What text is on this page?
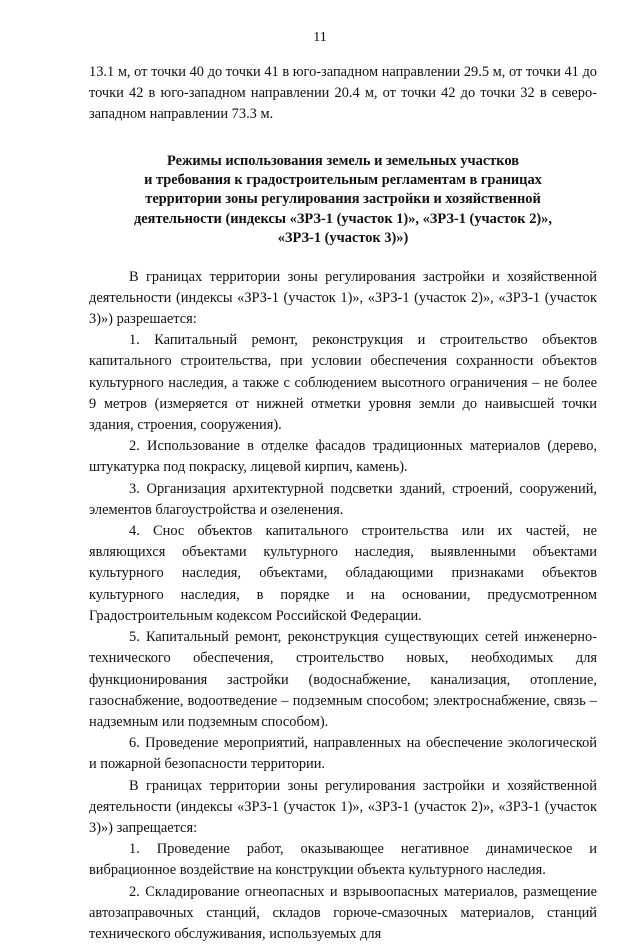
11

13.1 м, от точки 40 до точки 41 в юго-западном направлении 29.5 м, от точки 41 до точки 42 в юго-западном направлении 20.4 м, от точки 42 до точки 32 в северо-западном направлении 73.3 м.

Режимы использования земель и земельных участков
и требования к градостроительным регламентам в границах
территории зоны регулирования застройки и хозяйственной
деятельности (индексы «ЗРЗ-1 (участок 1)», «ЗРЗ-1 (участок 2)»,
«ЗРЗ-1 (участок 3)»)

В границах территории зоны регулирования застройки и хозяйственной деятельности (индексы «ЗРЗ-1 (участок 1)», «ЗРЗ-1 (участок 2)», «ЗРЗ-1 (участок 3)») разрешается:

1. Капитальный ремонт, реконструкция и строительство объектов капитального строительства, при условии обеспечения сохранности объектов культурного наследия, а также с соблюдением высотного ограничения – не более 9 метров (измеряется от нижней отметки уровня земли до наивысшей точки здания, строения, сооружения).

2. Использование в отделке фасадов традиционных материалов (дерево, штукатурка под покраску, лицевой кирпич, камень).

3. Организация архитектурной подсветки зданий, строений, сооружений, элементов благоустройства и озеленения.

4. Снос объектов капитального строительства или их частей, не являющихся объектами культурного наследия, выявленными объектами культурного наследия, объектами, обладающими признаками объектов культурного наследия, в порядке и на основании, предусмотренном Градостроительным кодексом Российской Федерации.

5. Капитальный ремонт, реконструкция существующих сетей инженерно-технического обеспечения, строительство новых, необходимых для функционирования застройки (водоснабжение, канализация, отопление, газоснабжение, водоотведение – подземным способом; электроснабжение, связь – надземным или подземным способом).

6. Проведение мероприятий, направленных на обеспечение экологической и пожарной безопасности территории.

В границах территории зоны регулирования застройки и хозяйственной деятельности (индексы «ЗРЗ-1 (участок 1)», «ЗРЗ-1 (участок 2)», «ЗРЗ-1 (участок 3)») запрещается:

1. Проведение работ, оказывающее негативное динамическое и вибрационное воздействие на конструкции объекта культурного наследия.

2. Складирование огнеопасных и взрывоопасных материалов, размещение автозаправочных станций, складов горюче-смазочных материалов, станций технического обслуживания, используемых для
